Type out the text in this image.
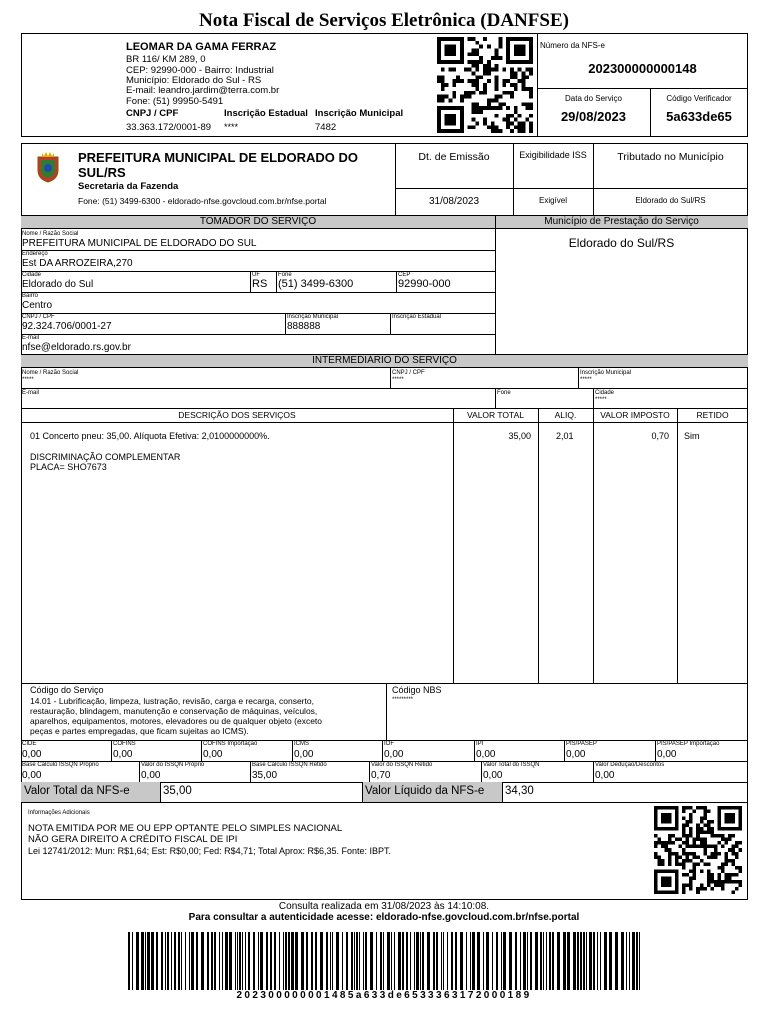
Nota Fiscal de Serviços Eletrônica (DANFSE)
LEOMAR DA GAMA FERRAZ
BR 116/ KM 289, 0
CEP: 92990-000 - Bairro: Industrial
Município: Eldorado do Sul - RS
E-mail: leandro.jardim@terra.com.br
Fone: (51) 99950-5491
CNPJ / CPF
33.363.172/0001-89
Inscrição Estadual
****
Inscrição Municipal
7482
Número da NFS-e
202300000000148
Data do Serviço
29/08/2023
Código Verificador
5a633de65
PREFEITURA MUNICIPAL DE ELDORADO DO SUL/RS
Secretaria da Fazenda
Fone: (51) 3499-6300 - eldorado-nfse.govcloud.com.br/nfse.portal
Dt. de Emissão
31/08/2023
Exigibilidade ISS
Exigível
Tributado no Município
Eldorado do Sul/RS
TOMADOR DO SERVIÇO	Município de Prestação do Serviço
Eldorado do Sul/RS
Nome / Razão Social
PREFEITURA MUNICIPAL DE ELDORADO DO SUL
Endereço
Est DA ARROZEIRA,270
Cidade
Eldorado do Sul
UF
RS
Fone
(51) 3499-6300
CEP
92990-000
Bairro
Centro
CNPJ / CPF
92.324.706/0001-27
Inscrição Municipal
888888
Inscrição Estadual
E-mail
nfse@eldorado.rs.gov.br
INTERMEDIÁRIO DO SERVIÇO
Nome / Razão Social
*****
CNPJ / CPF
*****
Inscrição Municipal
*****
E-mail	Fone	Cidade
*****
DESCRIÇÃO DOS SERVIÇOS	VALOR TOTAL	ALIQ.	VALOR IMPOSTO	RETIDO
01 Concerto pneu: 35,00. Alíquota Efetiva: 2,0100000000%.	35,00	2,01	0,70 Sim
DISCRIMINAÇÃO COMPLEMENTAR
PLACA= SHO7673
Código do Serviço
14.01 - Lubrificação, limpeza, lustração, revisão, carga e recarga, conserto,
restauração, blindagem, manutenção e conservação de máquinas, veículos,
aparelhos, equipamentos, motores, elevadores ou de qualquer objeto (exceto
peças e partes empregadas, que ficam sujeitas ao ICMS).
Código NBS
*********
CIDE
0,00
COFINS
0,00
COFINS Importação
0,00
ICMS
0,00
IOF
0,00
IPI
0,00
PIS/PASEP
0,00
PIS/PASEP Importação
0,00
Base Cálculo ISSQN Próprio
0,00
Valor do ISSQN Próprio
0,00
Base Cálculo ISSQN Retido
35,00
Valor do ISSQN Retido
0,70
Valor Total do ISSQN
0,00
Valor Dedução/Descontos
0,00
Valor Total da NFS-e	35,00	Valor Líquido da NFS-e 34,30
Informações Adicionais
NOTA EMITIDA POR ME OU EPP OPTANTE PELO SIMPLES NACIONAL
NÃO GERA DIREITO A CRÉDITO FISCAL DE IPI
Lei 12741/2012: Mun: R$1,64; Est: R$0,00; Fed: R$4,71; Total Aprox: R$6,35. Fonte: IBPT.
Consulta realizada em 31/08/2023 às 14:10:08.
Para consultar a autenticidade acesse: eldorado-nfse.govcloud.com.br/nfse.portal
202300000001485a633de6533363172000189
